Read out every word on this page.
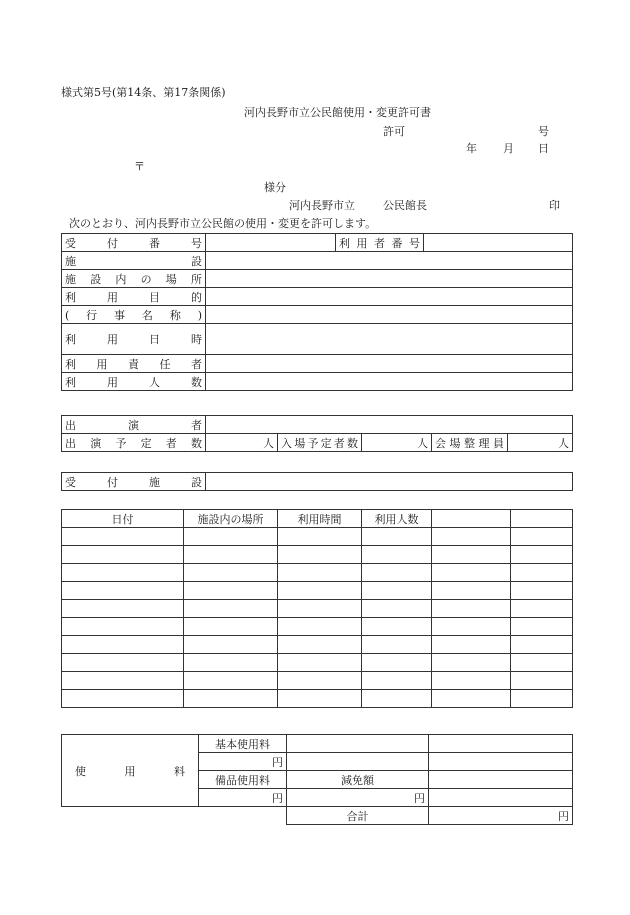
様式第5号(第14条、第17条関係)
河内長野市立公民館使用・変更許可書
許可	号
年 月 日
〒
様分
河内長野市立	公民館長	印
次のとおり、河内長野市立公民館の使用・変更を許可します。
受付番号		利用者番号	
施設			
施設内の場所			
利用目的			
(行事名称)			
利用日時			
利用責任者			
利用人数			
出演者					
出演予定者数	人	入場予定者数	人	会場整理員	人
受付施設	
日付	施設内の場所	利用時間	利用人数		

使用料	基本使用料		
	円		
	備品使用料	減免額	
	円	円	
		合計	円
